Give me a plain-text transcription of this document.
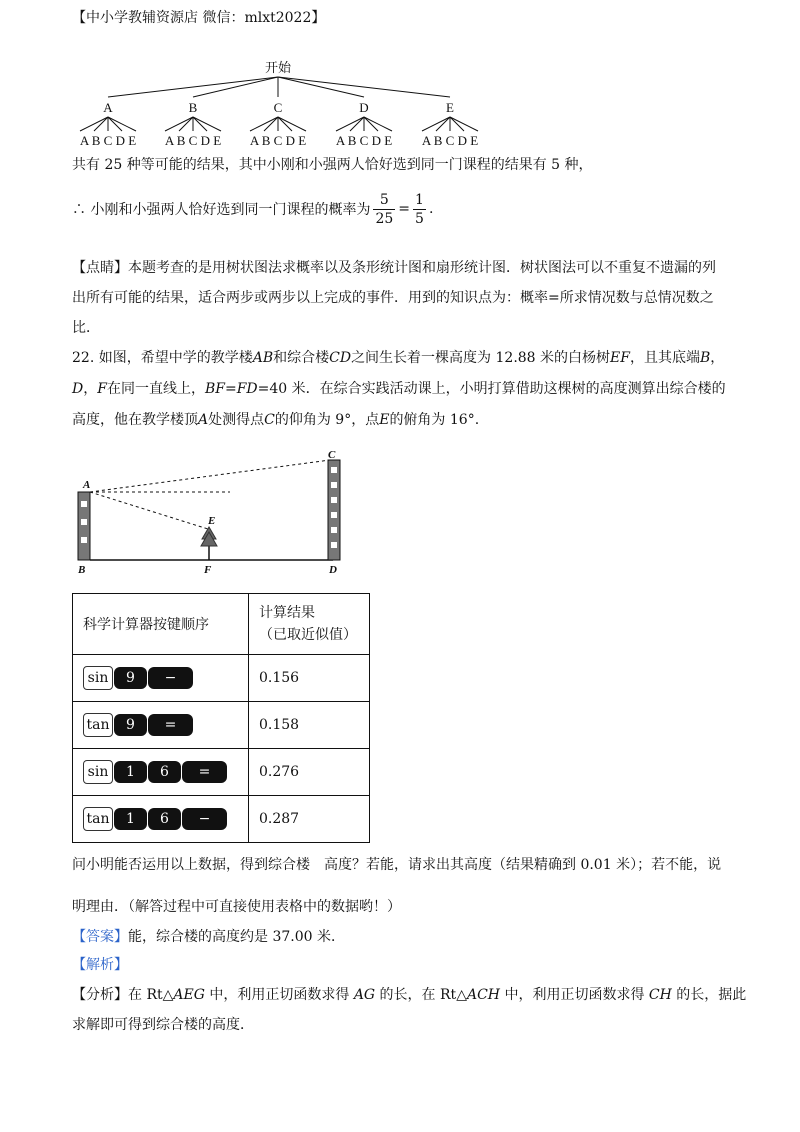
【中小学教辅资源店 微信：mlxt2022】
开始
A	B	C	D	E
A B C D E A B C D E A B C D E A B C D E A B C D E
共有 25 种等可能的结果，其中小刚和小强两人恰好选到同一门课程的结果有 5 种，
∴ 小刚和小强两人恰好选到同一门课程的概率为 $\frac{5}{25} = \frac{1}{5}$ .
【点睛】本题考查的是用树状图法求概率以及条形统计图和扇形统计图．树状图法可以不重复不遗漏的列出所有可能的结果，适合两步或两步以上完成的事件．用到的知识点为：概率=所求情况数与总情况数之比．
22. 如图，希望中学的教学楼AB和综合楼CD之间生长着一棵高度为 12.88 米的白杨树EF，且其底端B，
D，F在同一直线上，BF=FD=40 米．在综合实践活动课上，小明打算借助这棵树的高度测算出综合楼的
高度，他在教学楼顶A处测得点C的仰角为 9°，点E的俯角为 16°.
A
B
C
D
E
F
科学计算器按键顺序	计算结果
（已取近似值）

sin 9 −	0.156

tan 9 =	0.158

sin 1 6 =	0.276

tan 1 6 −	0.287
问小明能否运用以上数据，得到综合楼　高度？若能，请求出其高度（结果精确到 0.01 米）；若不能，说
明理由．（解答过程中可直接使用表格中的数据哟！）
【答案】能，综合楼的高度约是 37.00 米．
【解析】
【分析】在 Rt△AEG 中，利用正切函数求得 AG 的长，在 Rt△ACH 中，利用正切函数求得 CH 的长，据此
求解即可得到综合楼的高度．
